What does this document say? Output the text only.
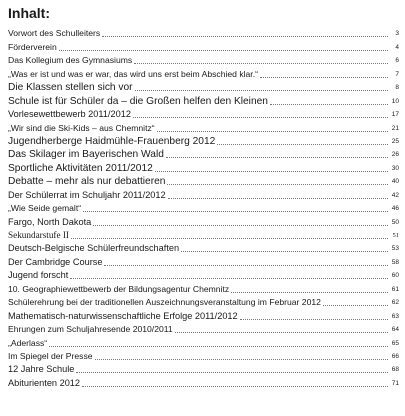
Inhalt:
Vorwort des Schulleiters	3
Förderverein	4
Das Kollegium des Gymnasiums	6
„Was er ist und was er war, das wird uns erst beim Abschied klar.“	7
Die Klassen stellen sich vor	8
Schule ist für Schüler da – die Großen helfen den Kleinen	10
Vorlesewettbewerb 2011/2012	17
„Wir sind die Ski-Kids – aus Chemnitz“	21
Jugendherberge Haidmühle-Frauenberg 2012	25
Das Skilager im Bayerischen Wald	26
Sportliche Aktivitäten 2011/2012	30
Debatte – mehr als nur debattieren	40
Der Schülerrat im Schuljahr 2011/2012	42
„Wie Seide gemalt“	46
Fargo, North Dakota	50
Sekundarstufe II	51
Deutsch-Belgische Schülerfreundschaften	53
Der Cambridge Course	58
Jugend forscht	60
10. Geographiewettbewerb der Bildungsagentur Chemnitz	61
Schülerehrung bei der traditionellen Auszeichnungsveranstaltung im Februar 2012	62
Mathematisch-naturwissenschaftliche Erfolge 2011/2012	63
Ehrungen zum Schuljahresende 2010/2011	64
„Aderlass“	65
Im Spiegel der Presse	66
12 Jahre Schule	68
Abiturienten 2012	71
